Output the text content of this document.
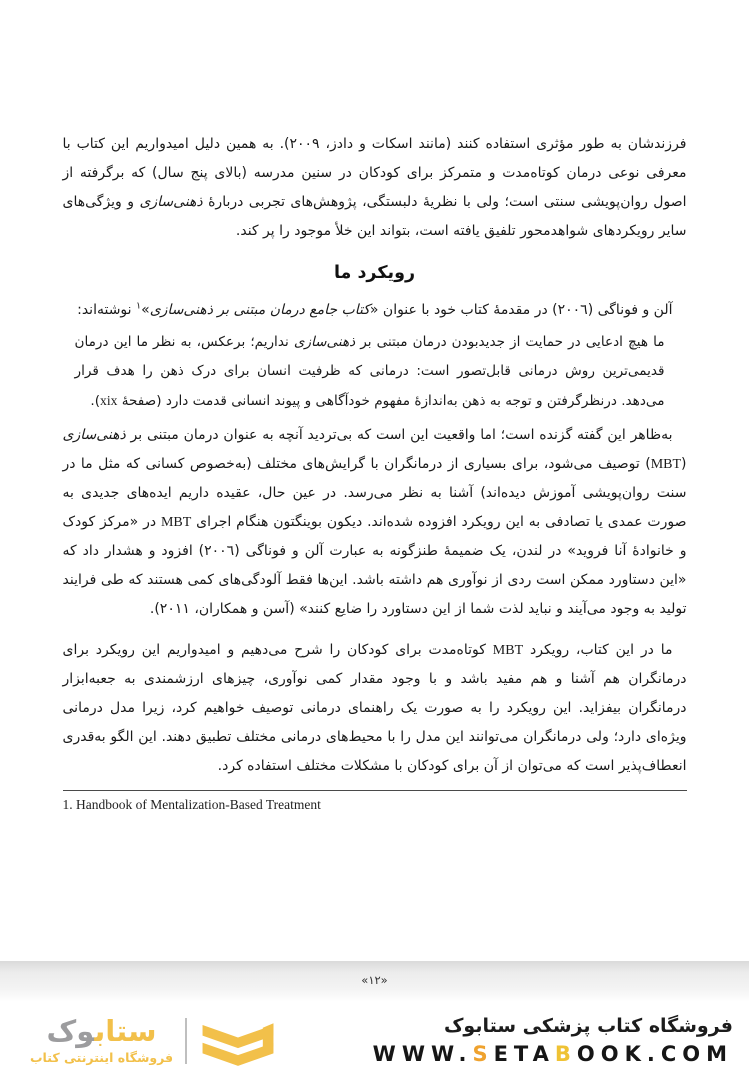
فرزندشان به طور مؤثری استفاده کنند (مانند اسکات و دادز، ۲۰۰۹). به همین دلیل امیدواریم این کتاب با معرفی نوعی درمان کوتاه‌مدت و متمرکز برای کودکان در سنین مدرسه (بالای پنج سال) که برگرفته از اصول روان‌پویشی سنتی است؛ ولی با نظریهٔ دلبستگی، پژوهش‌های تجربی دربارهٔ ذهنی‌سازی و ویژگی‌های سایر رویکردهای شواهدمحور تلفیق یافته است، بتواند این خلأ موجود را پر کند.

رویکرد ما

آلن و فوناگی (٢٠٠٦) در مقدمهٔ کتاب خود با عنوان «کتاب جامع درمان مبتنی بر ذهنی‌سازی»$^۱$ نوشته‌اند:

ما هیچ ادعایی در حمایت از جدیدبودن درمان مبتنی بر ذهنی‌سازی نداریم؛ برعکس، به نظر ما این درمان قدیمی‌ترین روش درمانی قابل‌تصور است: درمانی که ظرفیت انسان برای درک ذهن را هدف قرار می‌دهد. درنظرگرفتن و توجه به ذهن به‌اندازهٔ مفهوم خودآگاهی و پیوند انسانی قدمت دارد (صفحهٔ xix).

به‌ظاهر این گفته گزنده است؛ اما واقعیت این است که بی‌تردید آنچه به عنوان درمان مبتنی بر ذهنی‌سازی (MBT) توصیف می‌شود، برای بسیاری از درمانگران با گرایش‌های مختلف (به‌خصوص کسانی که مثل ما در سنت روان‌پویشی آموزش دیده‌اند) آشنا به نظر می‌رسد. در عین حال، عقیده داریم ایده‌های جدیدی به صورت عمدی یا تصادفی به این رویکرد افزوده شده‌اند. دیکون بوینگتون هنگام اجرای MBT در «مرکز کودک و خانوادهٔ آنا فروید» در لندن، یک ضمیمهٔ طنزگونه به عبارت آلن و فوناگی (٢٠٠٦) افزود و هشدار داد که «این دستاورد ممکن است ردی از نوآوری هم داشته باشد. این‌ها فقط آلودگی‌های کمی هستند که طی فرایند تولید به وجود می‌آیند و نباید لذت شما از این دستاورد را ضایع کنند» (آسن و همکاران، ٢٠١١).

ما در این کتاب، رویکرد MBT کوتاه‌مدت برای کودکان را شرح می‌دهیم و امیدواریم این رویکرد برای درمانگران هم آشنا و هم مفید باشد و با وجود مقدار کمی نوآوری، چیزهای ارزشمندی به جعبه‌ابزار درمانگران بیفزاید. این رویکرد را به صورت یک راهنمای درمانی توصیف خواهیم کرد، زیرا مدل درمانی ویژه‌ای دارد؛ ولی درمانگران می‌توانند این مدل را با محیط‌های درمانی مختلف تطبیق دهند. این الگو به‌قدری انعطاف‌پذیر است که می‌توان از آن برای کودکان با مشکلات مختلف استفاده کرد.

1. Handbook of Mentalization-Based Treatment
«۱۲»
ستابوک
فروشگاه اینترنتی کتاب
فروشگاه کتاب پزشکی ستابوک
WWW.SETABOOK.COM
